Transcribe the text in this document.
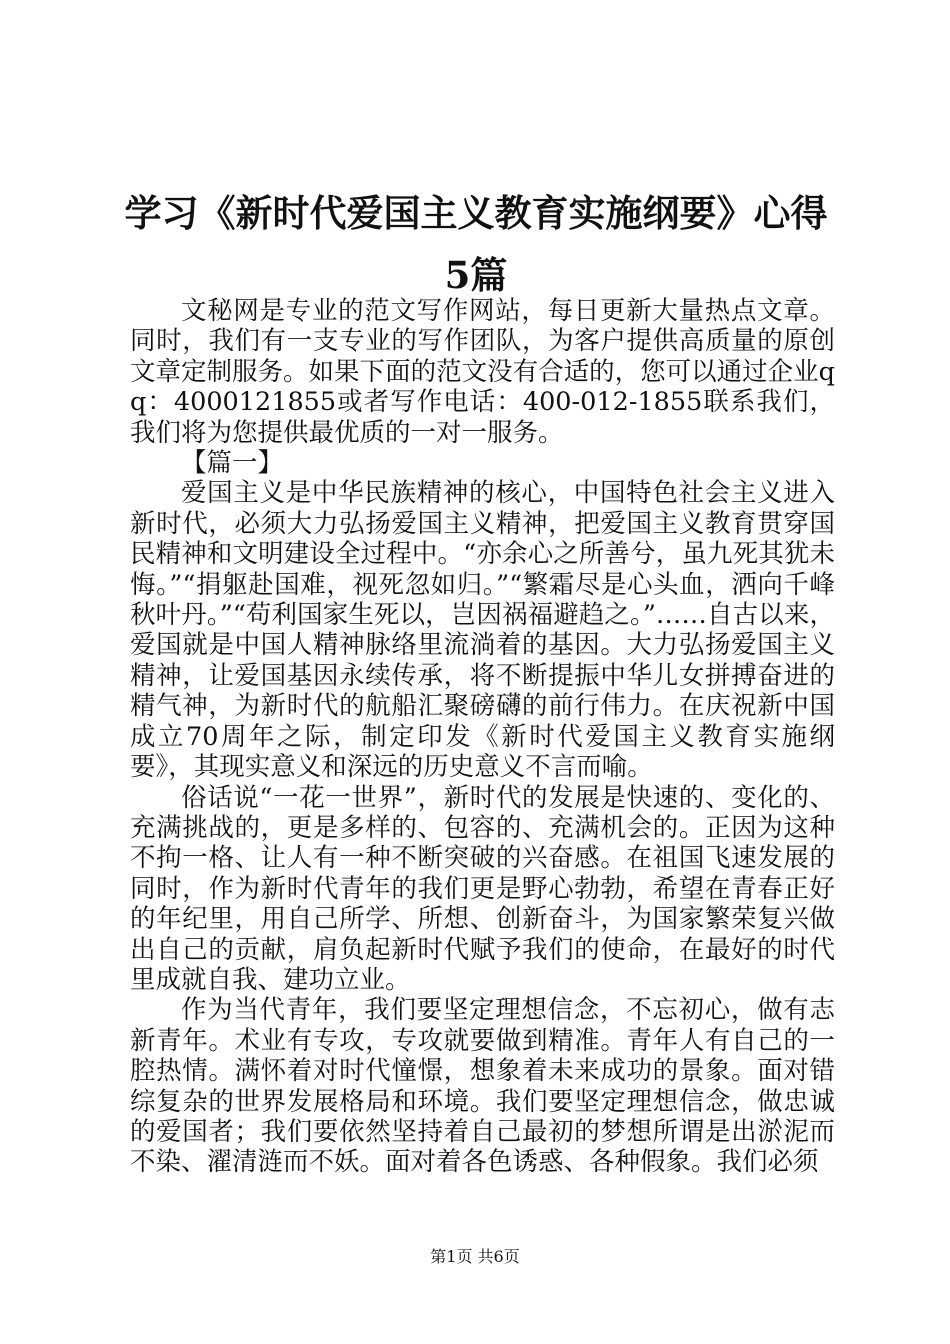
学习《新时代爱国主义教育实施纲要》心得5篇

文秘网是专业的范文写作网站，每日更新大量热点文章。同时，我们有一支专业的写作团队，为客户提供高质量的原创文章定制服务。如果下面的范文没有合适的，您可以通过企业qq：4000121855或者写作电话：400-012-1855联系我们，我们将为您提供最优质的一对一服务。

【篇一】

爱国主义是中华民族精神的核心，中国特色社会主义进入新时代，必须大力弘扬爱国主义精神，把爱国主义教育贯穿国民精神和文明建设全过程中。“亦余心之所善兮，虽九死其犹未悔。”“捐躯赴国难，视死忽如归。”“繁霜尽是心头血，洒向千峰秋叶丹。”“苟利国家生死以，岂因祸福避趋之。”……自古以来，爱国就是中国人精神脉络里流淌着的基因。大力弘扬爱国主义精神，让爱国基因永续传承，将不断提振中华儿女拼搏奋进的精气神，为新时代的航船汇聚磅礴的前行伟力。在庆祝新中国成立70周年之际，制定印发《新时代爱国主义教育实施纲要》，其现实意义和深远的历史意义不言而喻。

俗话说“一花一世界”，新时代的发展是快速的、变化的、充满挑战的，更是多样的、包容的、充满机会的。正因为这种不拘一格、让人有一种不断突破的兴奋感。在祖国飞速发展的同时，作为新时代青年的我们更是野心勃勃，希望在青春正好的年纪里，用自己所学、所想、创新奋斗，为国家繁荣复兴做出自己的贡献，肩负起新时代赋予我们的使命，在最好的时代里成就自我、建功立业。

作为当代青年，我们要坚定理想信念，不忘初心，做有志新青年。术业有专攻，专攻就要做到精准。青年人有自己的一腔热情。满怀着对时代憧憬，想象着未来成功的景象。面对错综复杂的世界发展格局和环境。我们要坚定理想信念，做忠诚的爱国者；我们要依然坚持着自己最初的梦想所谓是出淤泥而不染、濯清涟而不妖。面对着各色诱惑、各种假象。我们必须

第1页 共6页
